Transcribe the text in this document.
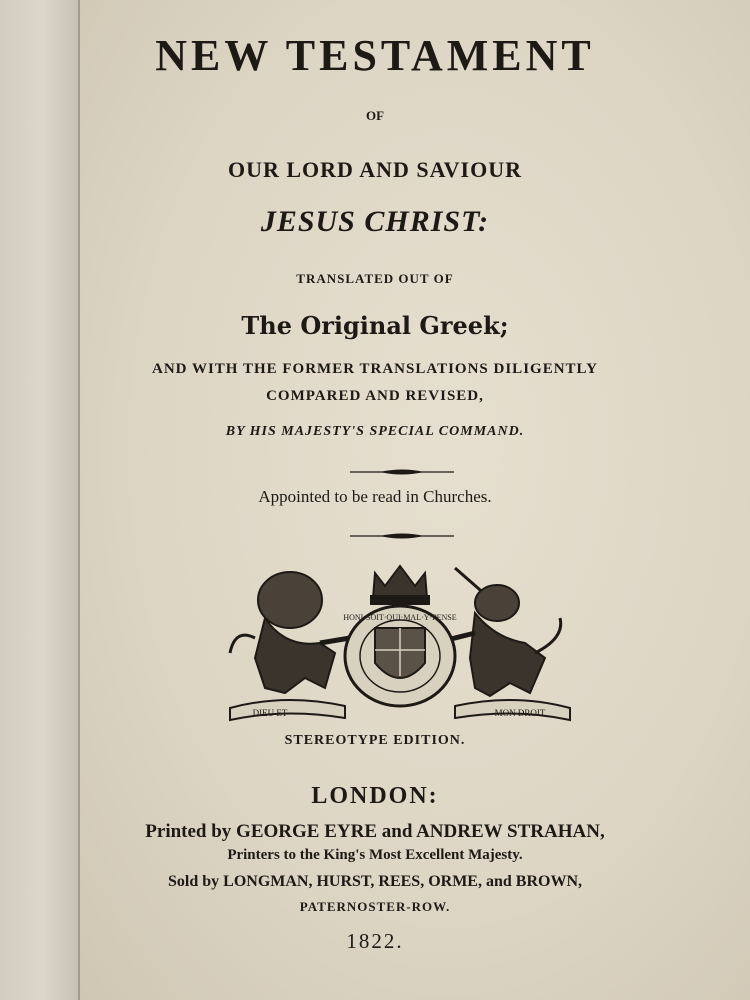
NEW TESTAMENT
OF
OUR LORD AND SAVIOUR
JESUS CHRIST:
TRANSLATED OUT OF
The Original Greek;
AND WITH THE FORMER TRANSLATIONS DILIGENTLY
COMPARED AND REVISED,
BY HIS MAJESTY'S SPECIAL COMMAND.
Appointed to be read in Churches.
HONI·SOIT·QUI·MAL·Y·PENSE
DIEU ET	MON DROIT
STEREOTYPE EDITION.
LONDON:
Printed by GEORGE EYRE and ANDREW STRAHAN,
Printers to the King's Most Excellent Majesty.
Sold by LONGMAN, HURST, REES, ORME, and BROWN,
PATERNOSTER-ROW.
1822.
